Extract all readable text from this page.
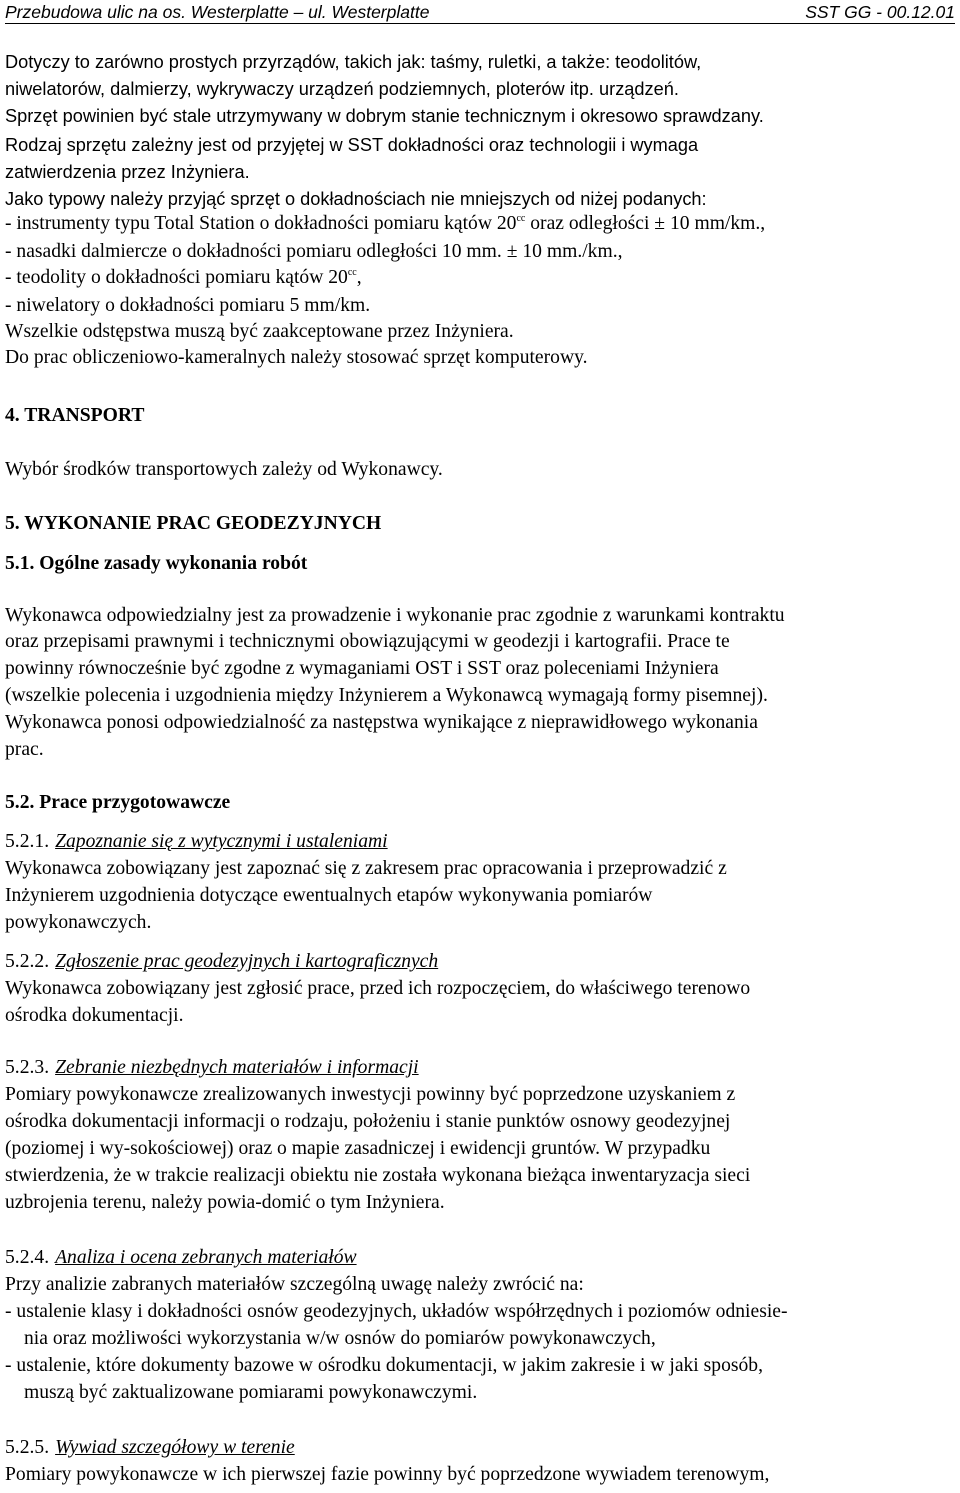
Przebudowa ulic na os. Westerplatte – ul. Westerplatte	SST GG - 00.12.01
Dotyczy to zarówno prostych przyrządów, takich jak: taśmy, ruletki, a także: teodolitów,
niwelatorów, dalmierzy, wykrywaczy urządzeń podziemnych, ploterów itp. urządzeń.
Sprzęt powinien być stale utrzymywany w dobrym stanie technicznym i okresowo sprawdzany.
Rodzaj sprzętu zależny jest od przyjętej w SST dokładności oraz technologii i wymaga
zatwierdzenia przez Inżyniera.
Jako typowy należy przyjąć sprzęt o dokładnościach nie mniejszych od niżej podanych:
- instrumenty typu Total Station o dokładności pomiaru kątów $20^{cc}$ oraz odległości ± 10 mm/km.,
- nasadki dalmiercze o dokładności pomiaru odległości 10 mm. ± 10 mm./km.,
- teodolity o dokładności pomiaru kątów $20^{cc}$,
- niwelatory o dokładności pomiaru 5 mm/km.
Wszelkie odstępstwa muszą być zaakceptowane przez Inżyniera.
Do prac obliczeniowo-kameralnych należy stosować sprzęt komputerowy.
4. TRANSPORT
Wybór środków transportowych zależy od Wykonawcy.
5. WYKONANIE PRAC GEODEZYJNYCH
5.1. Ogólne zasady wykonania robót
Wykonawca odpowiedzialny jest za prowadzenie i wykonanie prac zgodnie z warunkami kontraktu
oraz przepisami prawnymi i technicznymi obowiązującymi w geodezji i kartografii. Prace te
powinny równocześnie być zgodne z wymaganiami OST i SST oraz poleceniami Inżyniera
(wszelkie polecenia i uzgodnienia między Inżynierem a Wykonawcą wymagają formy pisemnej).
Wykonawca ponosi odpowiedzialność za następstwa wynikające z nieprawidłowego wykonania
prac.
5.2. Prace przygotowawcze
5.2.1. Zapoznanie się z wytycznymi i ustaleniami
Wykonawca zobowiązany jest zapoznać się z zakresem prac opracowania i przeprowadzić z
Inżynierem uzgodnienia dotyczące ewentualnych etapów wykonywania pomiarów
powykonawczych.
5.2.2. Zgłoszenie prac geodezyjnych i kartograficznych
Wykonawca zobowiązany jest zgłosić prace, przed ich rozpoczęciem, do właściwego terenowo
ośrodka dokumentacji.
5.2.3. Zebranie niezbędnych materiałów i informacji
Pomiary powykonawcze zrealizowanych inwestycji powinny być poprzedzone uzyskaniem z
ośrodka dokumentacji informacji o rodzaju, położeniu i stanie punktów osnowy geodezyjnej
(poziomej i wy-sokościowej) oraz o mapie zasadniczej i ewidencji gruntów. W przypadku
stwierdzenia, że w trakcie realizacji obiektu nie została wykonana bieżąca inwentaryzacja sieci
uzbrojenia terenu, należy powia-domić o tym Inżyniera.
5.2.4. Analiza i ocena zebranych materiałów
Przy analizie zabranych materiałów szczególną uwagę należy zwrócić na:
- ustalenie klasy i dokładności osnów geodezyjnych, układów współrzędnych i poziomów odniesie-
nia oraz możliwości wykorzystania w/w osnów do pomiarów powykonawczych,
- ustalenie, które dokumenty bazowe w ośrodku dokumentacji, w jakim zakresie i w jaki sposób,
muszą być zaktualizowane pomiarami powykonawczymi.
5.2.5. Wywiad szczegółowy w terenie
Pomiary powykonawcze w ich pierwszej fazie powinny być poprzedzone wywiadem terenowym,
